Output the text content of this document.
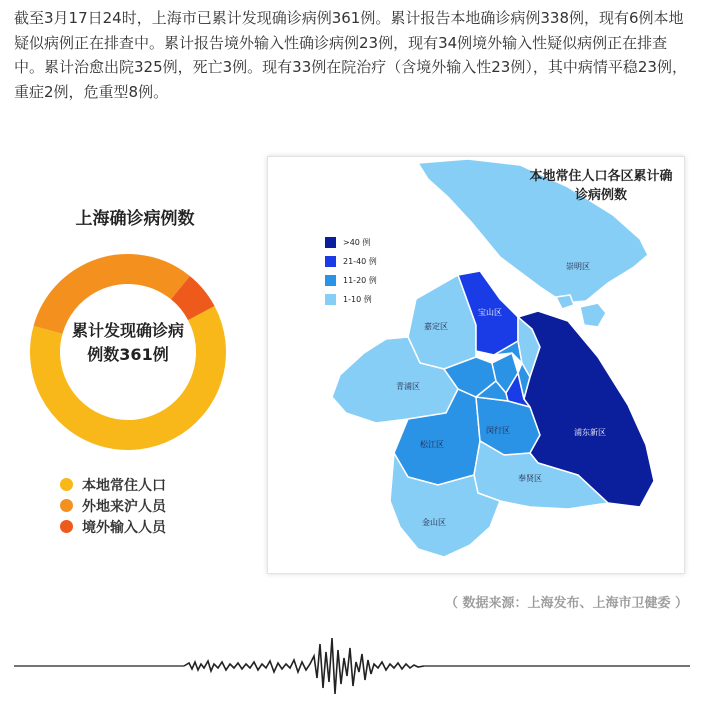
截至3月17日24时，上海市已累计发现确诊病例361例。累计报告本地确诊病例338例，现有6例本地疑似病例正在排查中。累计报告境外输入性确诊病例23例，现有34例境外输入性疑似病例正在排查中。累计治愈出院325例，死亡3例。现有33例在院治疗（含境外输入性23例），其中病情平稳23例，重症2例，危重型8例。

上海确诊病例数
累计发现确诊病例数361例
本地常住人口
外地来沪人员
境外输入人员
本地常住人口各区累计确诊病例数
>40 例
21-40 例
11-20 例
1-10 例
崇明区
宝山区
嘉定区
青浦区
松江区
闵行区	浦东新区
奉贤区
金山区
（ 数据来源：上海发布、上海市卫健委 ）
